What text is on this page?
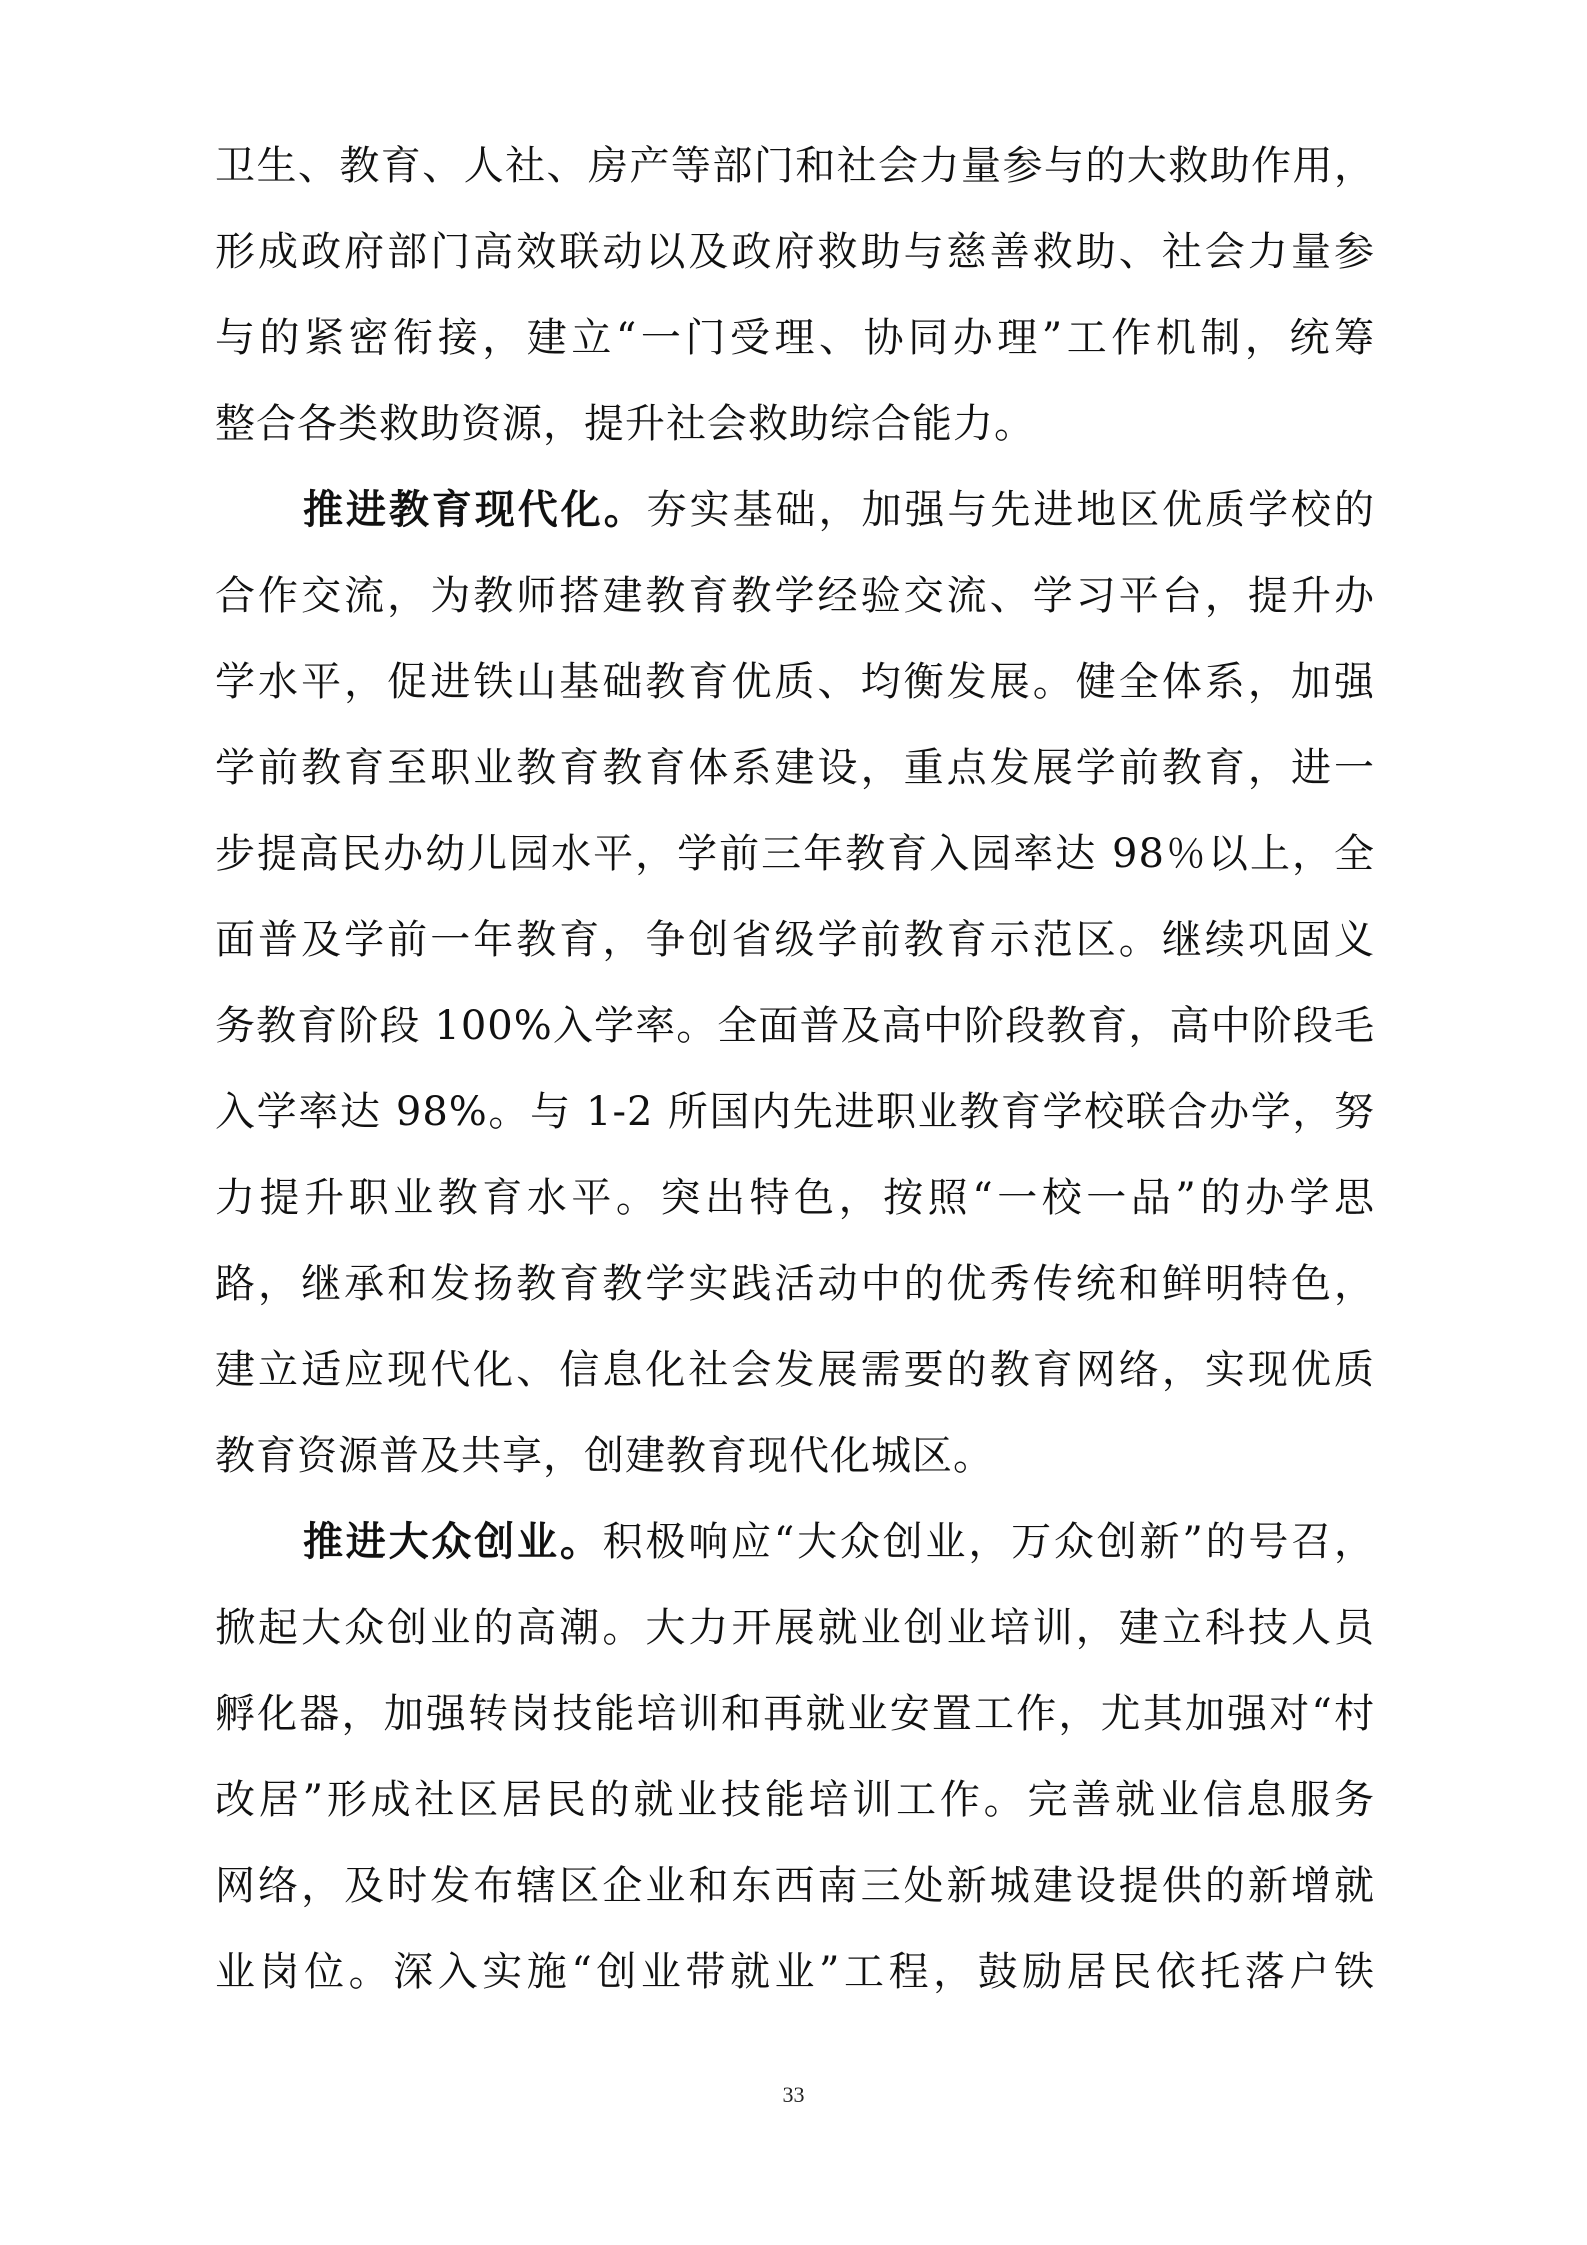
卫生、教育、人社、房产等部门和社会力量参与的大救助作用，
形成政府部门高效联动以及政府救助与慈善救助、社会力量参
与的紧密衔接，建立“一门受理、协同办理”工作机制，统筹
整合各类救助资源，提升社会救助综合能力。
推进教育现代化。夯实基础，加强与先进地区优质学校的
合作交流，为教师搭建教育教学经验交流、学习平台，提升办
学水平，促进铁山基础教育优质、均衡发展。健全体系，加强
学前教育至职业教育教育体系建设，重点发展学前教育，进一
步提高民办幼儿园水平，学前三年教育入园率达 98％以上，全
面普及学前一年教育，争创省级学前教育示范区。继续巩固义
务教育阶段 100%入学率。全面普及高中阶段教育，高中阶段毛
入学率达 98%。与 1-2 所国内先进职业教育学校联合办学，努
力提升职业教育水平。突出特色，按照“一校一品”的办学思
路，继承和发扬教育教学实践活动中的优秀传统和鲜明特色，
建立适应现代化、信息化社会发展需要的教育网络，实现优质
教育资源普及共享，创建教育现代化城区。
推进大众创业。积极响应“大众创业，万众创新”的号召，
掀起大众创业的高潮。大力开展就业创业培训，建立科技人员
孵化器，加强转岗技能培训和再就业安置工作，尤其加强对“村
改居”形成社区居民的就业技能培训工作。完善就业信息服务
网络，及时发布辖区企业和东西南三处新城建设提供的新增就
业岗位。深入实施“创业带就业”工程，鼓励居民依托落户铁
33
